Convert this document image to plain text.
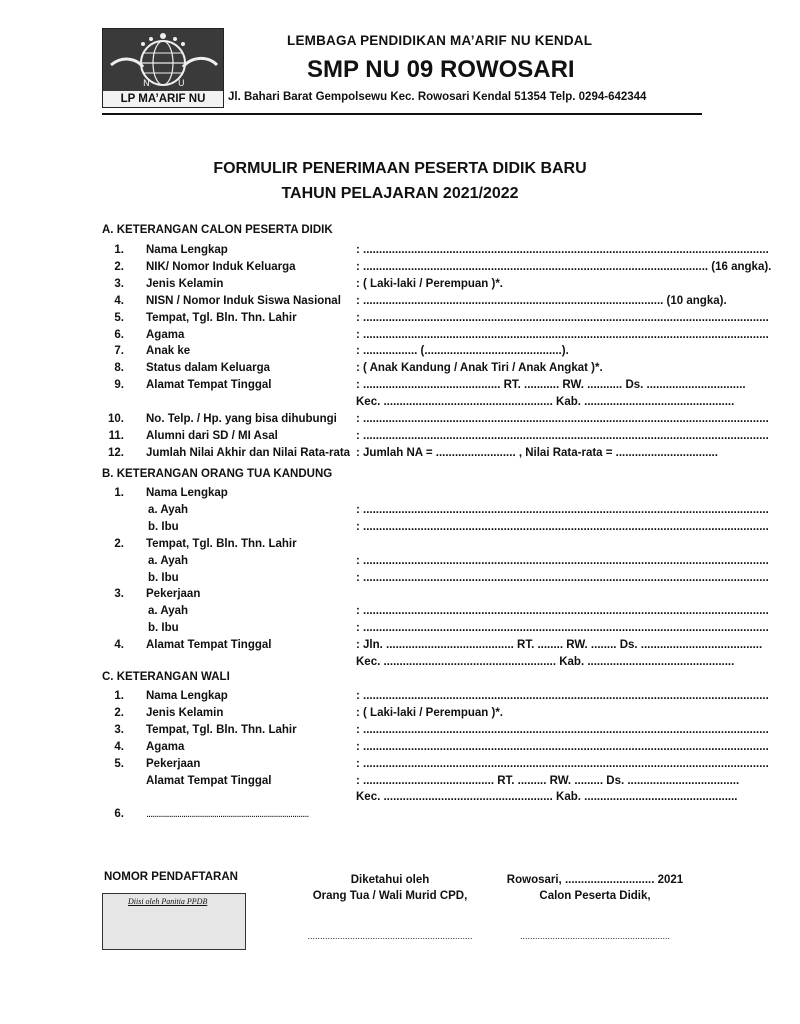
N	U
LP MA’ARIF NU
LEMBAGA PENDIDIKAN MA’ARIF NU KENDAL
SMP NU 09 ROWOSARI
Jl. Bahari Barat Gempolsewu Kec. Rowosari Kendal 51354 Telp. 0294-642344
FORMULIR PENERIMAAN PESERTA DIDIK BARU
TAHUN PELAJARAN 2021/2022
A. KETERANGAN CALON PESERTA DIDIK
1. Nama Lengkap	: ...............................................................................................................................
2. NIK/ Nomor Induk Keluarga	: ............................................................................................................ (16 angka).
3. Jenis Kelamin	: ( Laki-laki / Perempuan )*.
4. NISN / Nomor Induk Siswa Nasional : .............................................................................................. (10 angka).
5. Tempat, Tgl. Bln. Thn. Lahir	: ...............................................................................................................................
6. Agama	: ...............................................................................................................................
7. Anak ke	: ................. (...........................................).
8. Status dalam Keluarga	: ( Anak Kandung / Anak Tiri / Anak Angkat )*.
9. Alamat Tempat Tinggal	: ........................................... RT. ........... RW. ........... Ds. ...............................
Kec. ..................................................... Kab. ...............................................
10. No. Telp. / Hp. yang bisa dihubungi : ...............................................................................................................................
11. Alumni dari SD / MI Asal	: ...............................................................................................................................
12. Jumlah Nilai Akhir dan Nilai Rata-rata : Jumlah NA = ......................... , Nilai Rata-rata = ................................
B. KETERANGAN ORANG TUA KANDUNG
1. Nama Lengkap
a. Ayah	: ...............................................................................................................................
b. Ibu	: ...............................................................................................................................
2. Tempat, Tgl. Bln. Thn. Lahir
a. Ayah	: ...............................................................................................................................
b. Ibu	: ...............................................................................................................................
3. Pekerjaan
a. Ayah	: ...............................................................................................................................
b. Ibu	: ...............................................................................................................................
4. Alamat Tempat Tinggal	: Jln. ........................................ RT. ........ RW. ........ Ds. ......................................
Kec. ...................................................... Kab. ..............................................
C. KETERANGAN WALI
1. Nama Lengkap	: ...............................................................................................................................
2. Jenis Kelamin	: ( Laki-laki / Perempuan )*.
3. Tempat, Tgl. Bln. Thn. Lahir	: ...............................................................................................................................
4. Agama	: ...............................................................................................................................
5. Pekerjaan	: ...............................................................................................................................
Alamat Tempat Tinggal	: ......................................... RT. ......... RW. ......... Ds. ...................................
Kec. ..................................................... Kab. ................................................
6. ...............................................................................
NOMOR PENDAFTARAN
Diisi oleh Panitia PPDB
Diketahui oleh
Orang Tua / Wali Murid CPD,
..................................................................
Rowosari, ............................ 2021
Calon Peserta Didik,
............................................................
